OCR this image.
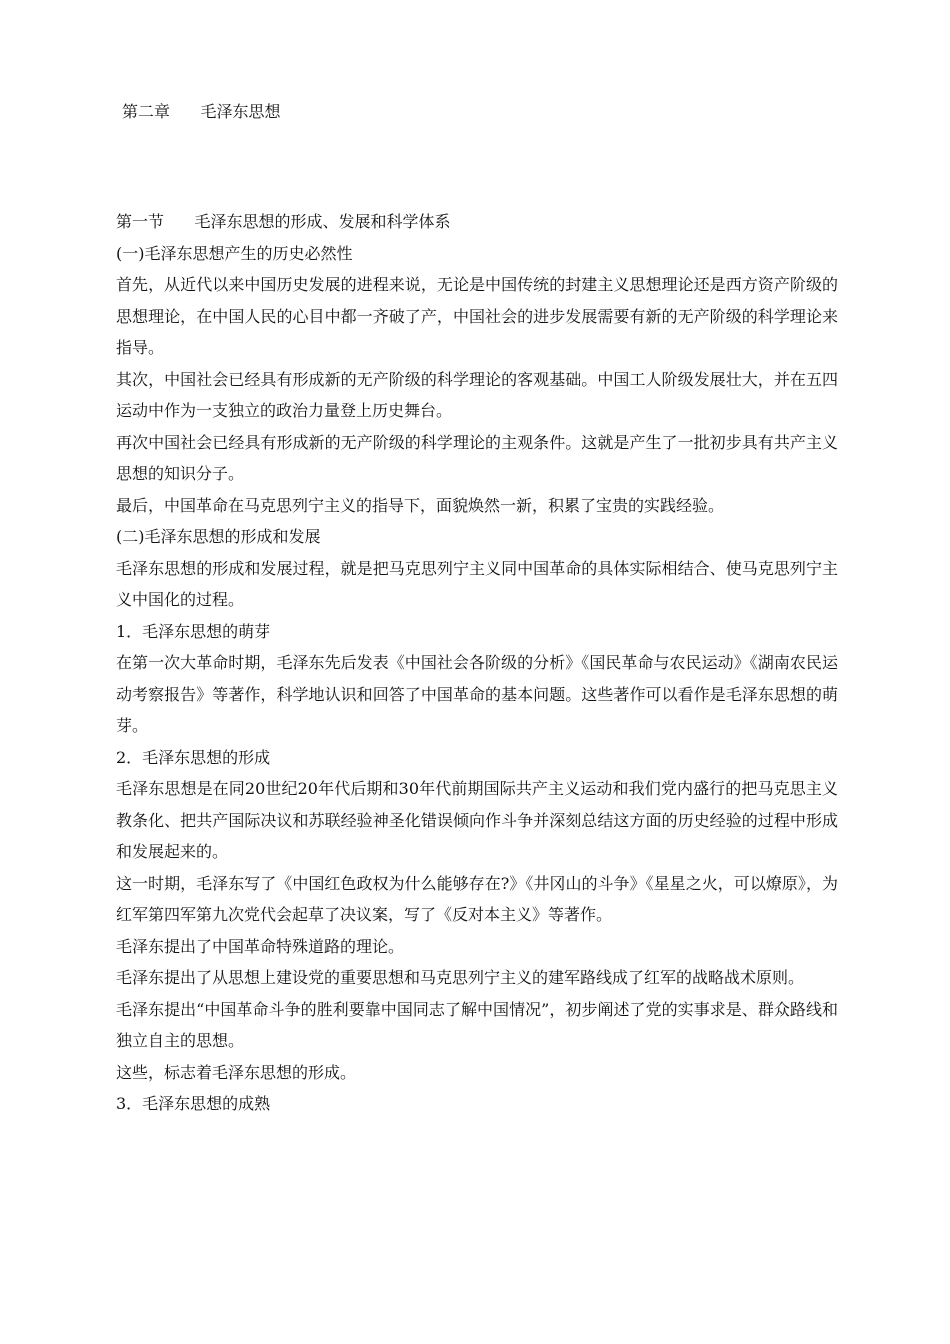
第二章      毛泽东思想

第一节      毛泽东思想的形成、发展和科学体系

(一)毛泽东思想产生的历史必然性

首先，从近代以来中国历史发展的进程来说，无论是中国传统的封建主义思想理论还是西方资产阶级的思想理论，在中国人民的心目中都一齐破了产，中国社会的进步发展需要有新的无产阶级的科学理论来指导。

其次，中国社会已经具有形成新的无产阶级的科学理论的客观基础。中国工人阶级发展壮大，并在五四运动中作为一支独立的政治力量登上历史舞台。

再次中国社会已经具有形成新的无产阶级的科学理论的主观条件。这就是产生了一批初步具有共产主义思想的知识分子。

最后，中国革命在马克思列宁主义的指导下，面貌焕然一新，积累了宝贵的实践经验。

(二)毛泽东思想的形成和发展

毛泽东思想的形成和发展过程，就是把马克思列宁主义同中国革命的具体实际相结合、使马克思列宁主义中国化的过程。

1．毛泽东思想的萌芽

在第一次大革命时期，毛泽东先后发表《中国社会各阶级的分析》《国民革命与农民运动》《湖南农民运动考察报告》等著作，科学地认识和回答了中国革命的基本问题。这些著作可以看作是毛泽东思想的萌芽。

2．毛泽东思想的形成

毛泽东思想是在同20世纪20年代后期和30年代前期国际共产主义运动和我们党内盛行的把马克思主义教条化、把共产国际决议和苏联经验神圣化错误倾向作斗争并深刻总结这方面的历史经验的过程中形成和发展起来的。

这一时期，毛泽东写了《中国红色政权为什么能够存在?》《井冈山的斗争》《星星之火，可以燎原》，为红军第四军第九次党代会起草了决议案，写了《反对本主义》等著作。

毛泽东提出了中国革命特殊道路的理论。

毛泽东提出了从思想上建设党的重要思想和马克思列宁主义的建军路线成了红军的战略战术原则。

毛泽东提出“中国革命斗争的胜利要靠中国同志了解中国情况”，初步阐述了党的实事求是、群众路线和独立自主的思想。

这些，标志着毛泽东思想的形成。

3．毛泽东思想的成熟
